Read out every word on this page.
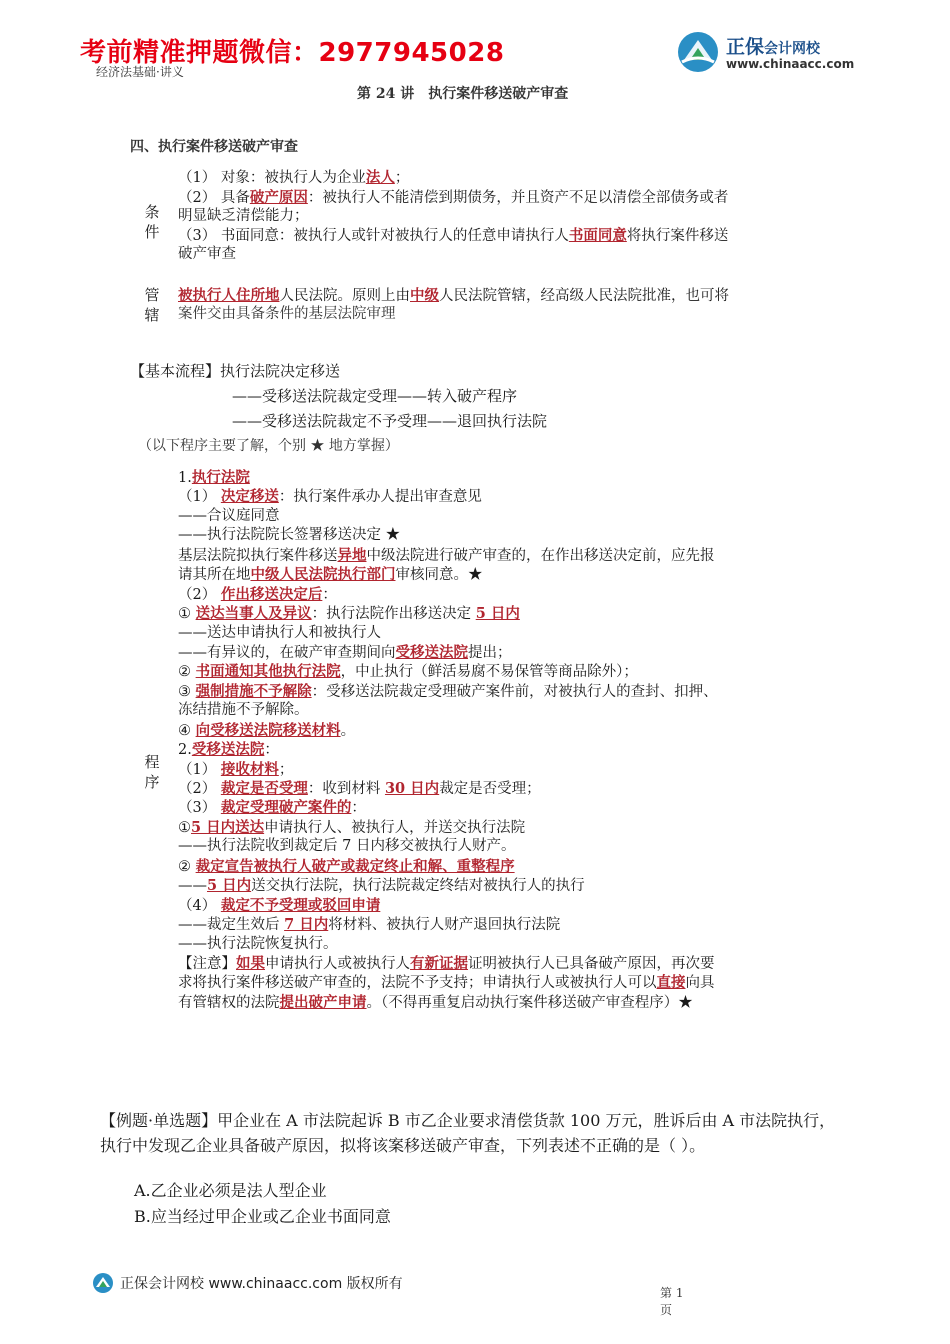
考前精准押题微信：2977945028	正保会计网校
www.chinaacc.com
经济法基础·讲义
第 24 讲　执行案件移送破产审查
四、执行案件移送破产审查
条件
（1） 对象：被执行人为企业法人；
（2） 具备破产原因：被执行人不能清偿到期债务，并且资产不足以清偿全部债务或者
明显缺乏清偿能力；
（3） 书面同意：被执行人或针对被执行人的任意申请执行人书面同意将执行案件移送
破产审查
管辖
被执行人住所地人民法院。原则上由中级人民法院管辖，经高级人民法院批准，也可将
案件交由具备条件的基层法院审理
【基本流程】执行法院决定移送
——受移送法院裁定受理——转入破产程序
——受移送法院裁定不予受理——退回执行法院
（以下程序主要了解，个别 ★ 地方掌握）
程序
1.执行法院
（1） 决定移送：执行案件承办人提出审查意见
——合议庭同意
——执行法院院长签署移送决定 ★
基层法院拟执行案件移送异地中级法院进行破产审查的，在作出移送决定前，应先报
请其所在地中级人民法院执行部门审核同意。★
（2） 作出移送决定后：
① 送达当事人及异议：执行法院作出移送决定 5 日内
——送达申请执行人和被执行人
——有异议的，在破产审查期间向受移送法院提出；
② 书面通知其他执行法院，中止执行（鲜活易腐不易保管等商品除外）；
③ 强制措施不予解除：受移送法院裁定受理破产案件前，对被执行人的查封、扣押、
冻结措施不予解除。
④ 向受移送法院移送材料。
2.受移送法院：
（1） 接收材料；
（2） 裁定是否受理：收到材料 30 日内裁定是否受理；
（3） 裁定受理破产案件的：
①5 日内送达申请执行人、被执行人，并送交执行法院
——执行法院收到裁定后 7 日内移交被执行人财产。
② 裁定宣告被执行人破产或裁定终止和解、重整程序
——5 日内送交执行法院，执行法院裁定终结对被执行人的执行
（4） 裁定不予受理或驳回申请
——裁定生效后 7 日内将材料、被执行人财产退回执行法院
——执行法院恢复执行。
【注意】如果申请执行人或被执行人有新证据证明被执行人已具备破产原因，再次要
求将执行案件移送破产审查的，法院不予支持；申请执行人或被执行人可以直接向具
有管辖权的法院提出破产申请。（不得再重复启动执行案件移送破产审查程序）★
【例题·单选题】甲企业在 A 市法院起诉 B 市乙企业要求清偿货款 100 万元，胜诉后由 A 市法院执行，执行中发现乙企业具备破产原因，拟将该案移送破产审查，下列表述不正确的是（ ）。
A.乙企业必须是法人型企业
B.应当经过甲企业或乙企业书面同意
正保会计网校 www.chinaacc.com 版权所有
第 1 页
